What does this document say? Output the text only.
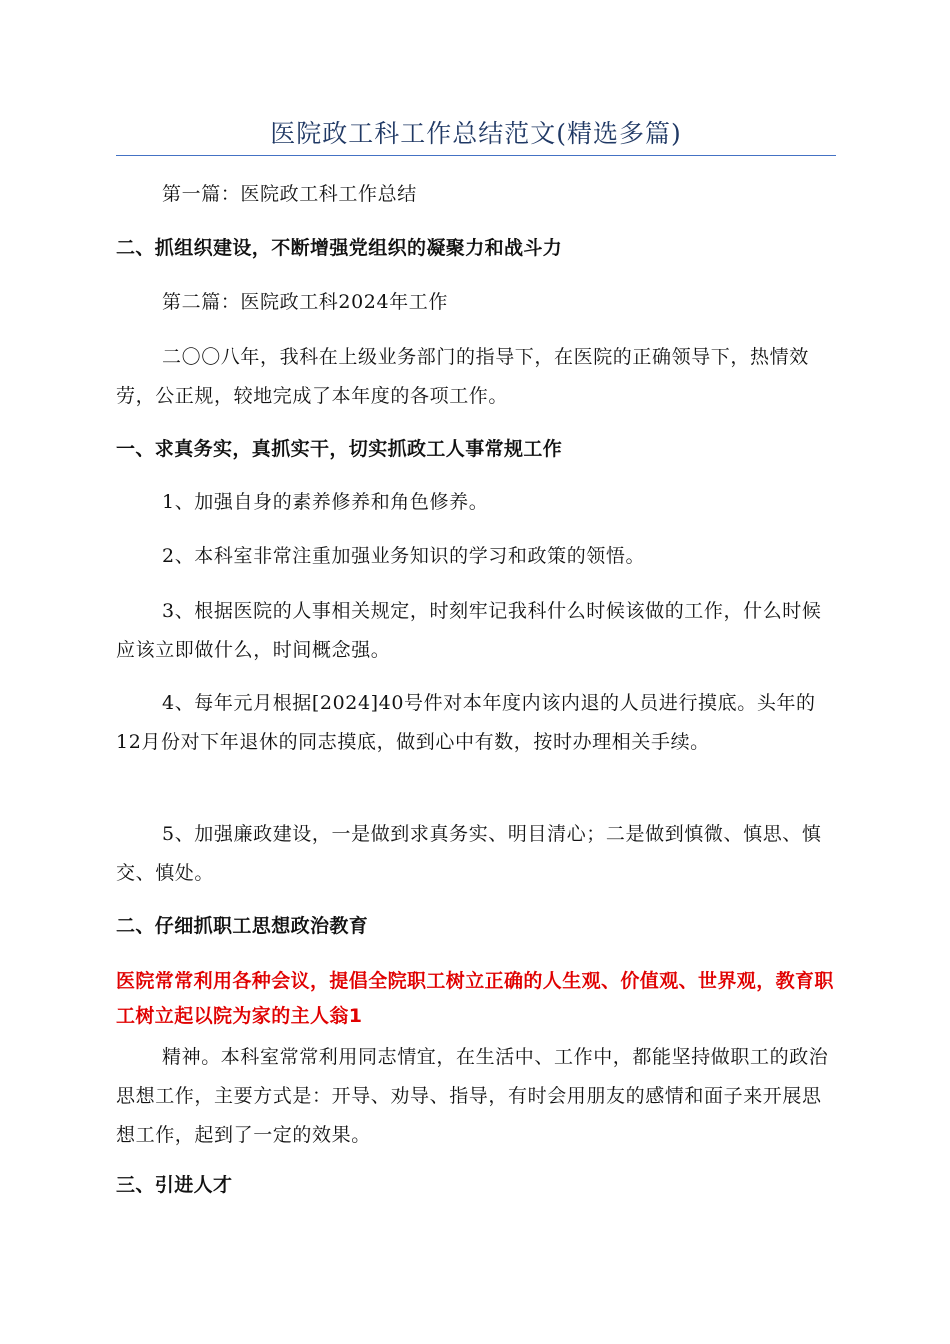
医院政工科工作总结范文(精选多篇)

第一篇：医院政工科工作总结

二、抓组织建设，不断增强党组织的凝聚力和战斗力

第二篇：医院政工科2024年工作

二〇〇八年，我科在上级业务部门的指导下，在医院的正确领导下，热情效劳，公正规，较地完成了本年度的各项工作。

一、求真务实，真抓实干，切实抓政工人事常规工作

1、加强自身的素养修养和角色修养。

2、本科室非常注重加强业务知识的学习和政策的领悟。

3、根据医院的人事相关规定，时刻牢记我科什么时候该做的工作，什么时候应该立即做什么，时间概念强。

4、每年元月根据[2024]40号件对本年度内该内退的人员进行摸底。头年的12月份对下年退休的同志摸底，做到心中有数，按时办理相关手续。

5、加强廉政建设，一是做到求真务实、明目清心；二是做到慎微、慎思、慎交、慎处。

二、仔细抓职工思想政治教育

医院常常利用各种会议，提倡全院职工树立正确的人生观、价值观、世界观，教育职工树立起以院为家的主人翁1

精神。本科室常常利用同志情宜，在生活中、工作中，都能坚持做职工的政治思想工作，主要方式是：开导、劝导、指导，有时会用朋友的感情和面子来开展思想工作，起到了一定的效果。

三、引进人才
